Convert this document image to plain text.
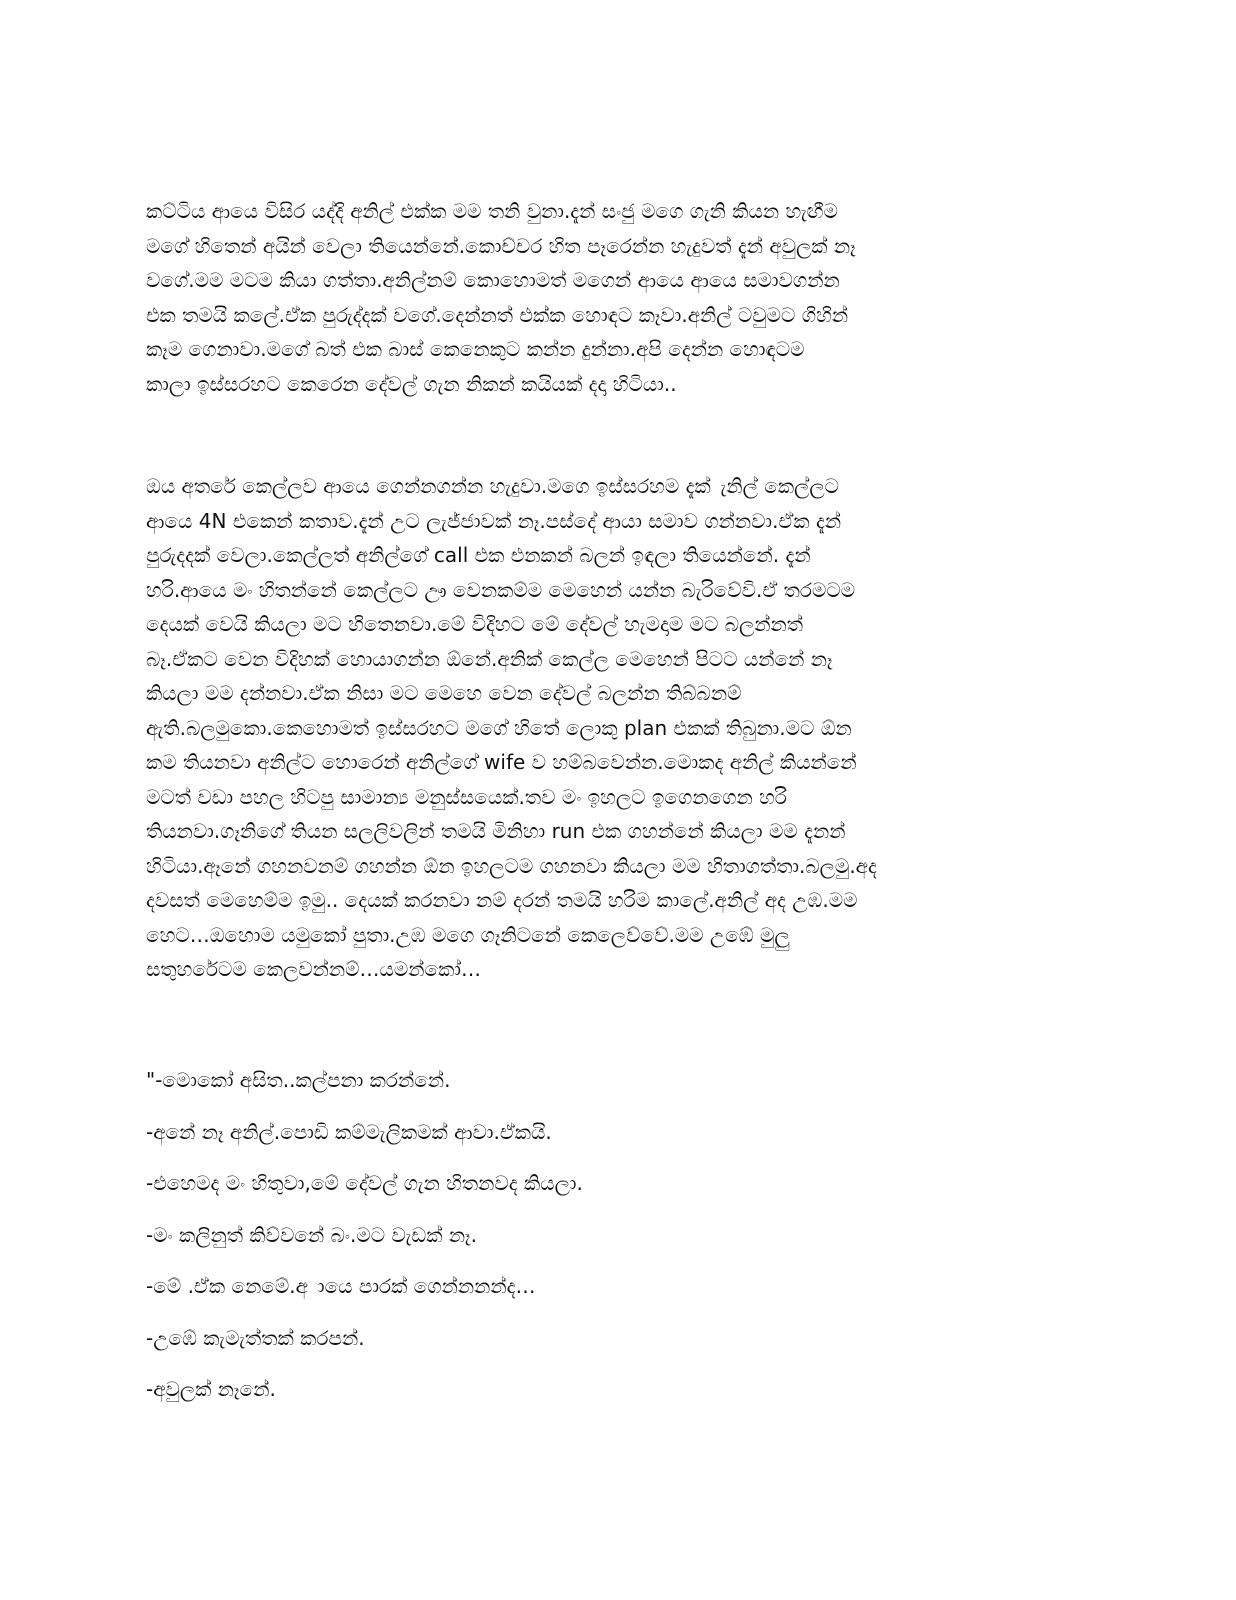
කට්ටිය ආයෙ විසිර යද්දි අනිල් එක්ක මම තනි වුනා.දැන් සංජු මගෙ ගැනි කියන හැඟීම
මගේ හිතෙන් අයින් වෙලා තියෙන්නේ.කොච්චර හිත පෑරෙන්න හැදුවත් දැන් අවුලක් නෑ
වගේ.මම මටම කියා ගත්තා.අනිල්නම් කොහොමත් මගෙන් ආයෙ ආයෙ සමාවගන්න
එක තමයි කලේ.ඒක පුරුද්දක් වගේ.දෙන්නත් එක්ක හොඳට කෑවා.අනිල් ටවුමට ගිහින්
කෑම ගෙනාවා.මගේ බත් එක බාස් කෙනෙකුට කන්න දුන්නා.අපි දෙන්න හොඳටම
කාලා ඉස්සරහට කෙරෙන දේවල් ගැන නිකන් කයියක් දදා හිටියා..
ඔය අතරේ කෙල්ලව ආයෙ ගෙන්නගන්න හැදුවා.මගෙ ඉස්සරහම දැක් ැනිල් කෙල්ලට
ආයෙ 4N එකෙන් කතාව.දැන් උට ලැජ්ජාවක් නෑ.පස්දේ ආයා සමාව ගන්නවා.ඒක දැන්
පුරුදදක් වෙලා.කෙල්ලත් අනිල්ගේ call එක එනකන් බලන් ඉඳලා තියෙන්නේ. දැන්
හරි.ආයෙ මං හිතන්නේ කෙල්ලට ඌ වෙනකම්ම මෙහෙන් යන්න බැරිවේවි.ඒ තරමටම
දෙයක් වෙයි කියලා මට හිතෙනවා.මේ විදිහට මේ දේවල් හැමදාම මට බලන්නත්
බෑ.ඒකට වෙන විදිහක් හොයාගන්න ඕනේ.අනික් කෙල්ල මෙහෙන් පිටට යන්නේ නෑ
කියලා මම දන්නවා.ඒක නිසා මට මෙහෙ වෙන දේවල් බලන්න තිබ්බනම්
ඇති.බලමුකො.කෙහොමත් ඉස්සරහට මගේ හිතේ ලොකු plan එකක් තිබුනා.මට ඕන
කම තියනවා අනිල්ට හොරෙන් අනිල්ගේ wife ව හම්බවෙන්න.මොකද අනිල් කියන්නේ
මටත් වඩා පහල හිටපු සාමාන්‍ය මනුස්සයෙක්.තව මං ඉහලට ඉගෙනගෙන හරි
තියනවා.ගෑනිගේ තියන සලලිවලින් තමයි මිනිහා run එක ගහන්නේ කියලා මම දැනන්
හිටියා.ඈනේ ගහනවනම් ගහන්න ඕන ඉහලටම ගහනවා කියලා මම හිතාගත්තා.බලමු.අද
දවසත් මෙහෙම්ම ඉමු.. දෙයක් කරනවා නම් දරන් තමයි හරිම කාලේ.අනිල් අද උඹ.මම
හෙට…ඔහොම යමුකෝ පුතා.උඹ මගෙ ගෑනිටනේ කෙලෙව්වේ.මම උඹේ මුලු
සතුහරේටම කෙලවන්නම්…යමන්කෝ…
"-මොකෝ අසිත..කල්පනා කරන්නේ.
-අනේ නෑ අනිල්.පොඩි කම්මැලිකමක් ආවා.ඒකයි.
-එහෙමද මං හිතුවා,මේ දේවල් ගැන හිතනවද කියලා.
-මං කලිනුත් කිව්වනේ බං.මට වැඩක් නෑ.
-මේ .ඒක නෙමේ.අ ායෙ පාරක් ගෙන්නනන්ද…
-උඹේ කැමැත්තක් කරපන්.
-අවුලක් නෑනේ.
